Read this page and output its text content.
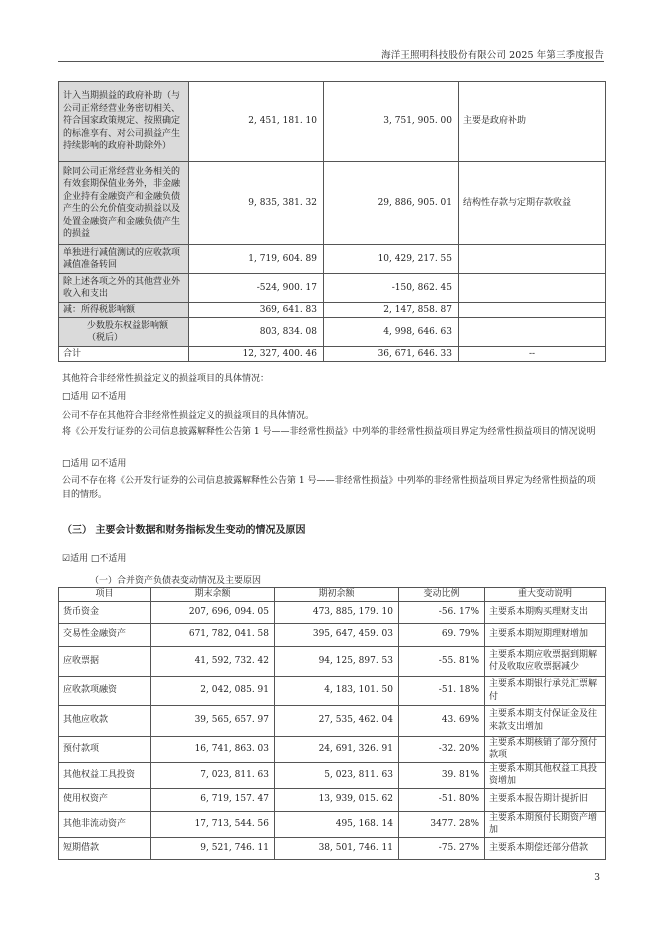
海洋王照明科技股份有限公司 2025 年第三季度报告
计入当期损益的政府补助（与公司正常经营业务密切相关、符合国家政策规定、按照确定的标准享有、对公司损益产生持续影响的政府补助除外）	2, 451, 181. 10	3, 751, 905. 00	主要是政府补助
除同公司正常经营业务相关的有效套期保值业务外，非金融企业持有金融资产和金融负债产生的公允价值变动损益以及处置金融资产和金融负债产生的损益	9, 835, 381. 32	29, 886, 905. 01	结构性存款与定期存款收益
单独进行减值测试的应收款项减值准备转回	1, 719, 604. 89	10, 429, 217. 55	
除上述各项之外的其他营业外收入和支出	-524, 900. 17	-150, 862. 45	
减：所得税影响额	369, 641. 83	2, 147, 858. 87	
少数股东权益影响额（税后）	803, 834. 08	4, 998, 646. 63	
合计	12, 327, 400. 46	36, 671, 646. 33	--
其他符合非经常性损益定义的损益项目的具体情况：
□适用 ☑不适用
公司不存在其他符合非经常性损益定义的损益项目的具体情况。
将《公开发行证券的公司信息披露解释性公告第 1 号——非经常性损益》中列举的非经常性损益项目界定为经常性损益项目的情况说明
□适用 ☑不适用
公司不存在将《公开发行证券的公司信息披露解释性公告第 1 号——非经常性损益》中列举的非经常性损益项目界定为经常性损益的项目的情形。
（三） 主要会计数据和财务指标发生变动的情况及原因
☑适用 □不适用
（一）合并资产负债表变动情况及主要原因
项目	期末余额	期初余额	变动比例	重大变动说明
货币资金	207, 696, 094. 05	473, 885, 179. 10	-56. 17%	主要系本期购买理财支出
交易性金融资产	671, 782, 041. 58	395, 647, 459. 03	69. 79%	主要系本期短期理财增加
应收票据	41, 592, 732. 42	94, 125, 897. 53	-55. 81%	主要系本期应收票据到期解付及收取应收票据减少
应收款项融资	2, 042, 085. 91	4, 183, 101. 50	-51. 18%	主要系本期银行承兑汇票解付
其他应收款	39, 565, 657. 97	27, 535, 462. 04	43. 69%	主要系本期支付保证金及往来款支出增加
预付款项	16, 741, 863. 03	24, 691, 326. 91	-32. 20%	主要系本期核销了部分预付款项
其他权益工具投资	7, 023, 811. 63	5, 023, 811. 63	39. 81%	主要系本期其他权益工具投资增加
使用权资产	6, 719, 157. 47	13, 939, 015. 62	-51. 80%	主要系本报告期计提折旧
其他非流动资产	17, 713, 544. 56	495, 168. 14	3477. 28%	主要系本期预付长期资产增加
短期借款	9, 521, 746. 11	38, 501, 746. 11	-75. 27%	主要系本期偿还部分借款
3
